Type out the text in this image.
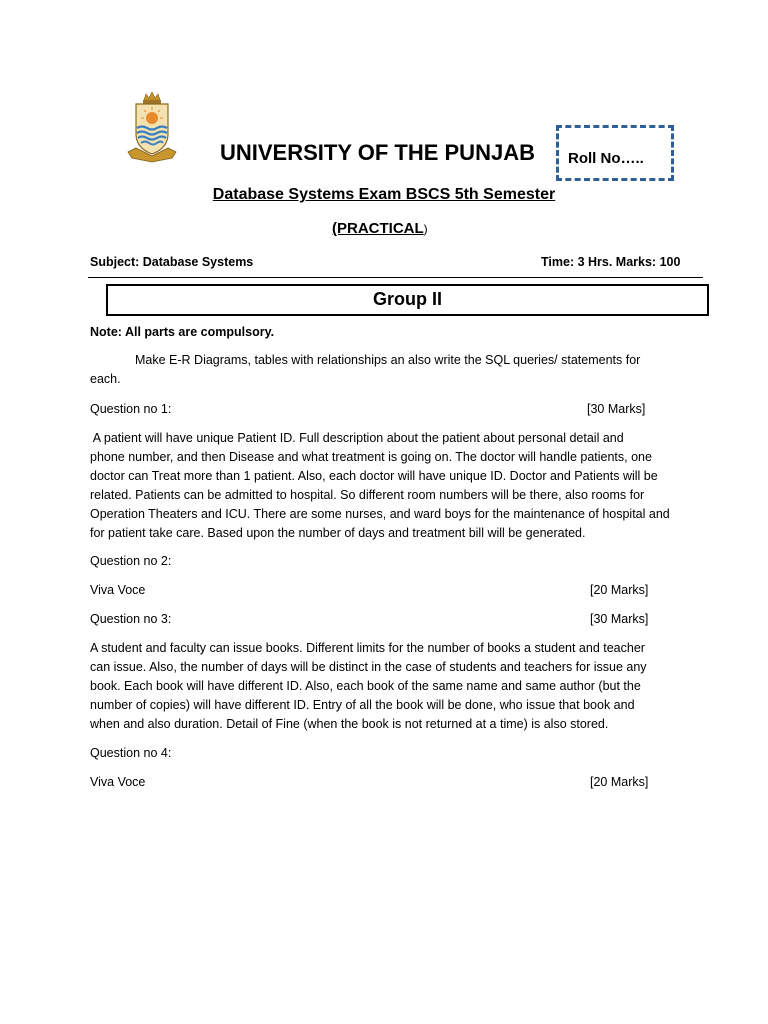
UNIVERSITY OF THE PUNJAB Roll No…..
Database Systems Exam BSCS 5th Semester
(PRACTICAL)
Subject: Database Systems	Time: 3 Hrs. Marks: 100
Group II
Note: All parts are compulsory.
Make E-R Diagrams, tables with relationships an also write the SQL queries/ statements for
each.
Question no 1:	[30 Marks]
A patient will have unique Patient ID. Full description about the patient about personal detail and
phone number, and then Disease and what treatment is going on. The doctor will handle patients, one
doctor can Treat more than 1 patient. Also, each doctor will have unique ID. Doctor and Patients will be
related. Patients can be admitted to hospital. So different room numbers will be there, also rooms for
Operation Theaters and ICU. There are some nurses, and ward boys for the maintenance of hospital and
for patient take care. Based upon the number of days and treatment bill will be generated.
Question no 2:
Viva Voce	[20 Marks]
Question no 3:	[30 Marks]
A student and faculty can issue books. Different limits for the number of books a student and teacher
can issue. Also, the number of days will be distinct in the case of students and teachers for issue any
book. Each book will have different ID. Also, each book of the same name and same author (but the
number of copies) will have different ID. Entry of all the book will be done, who issue that book and
when and also duration. Detail of Fine (when the book is not returned at a time) is also stored.
Question no 4:
Viva Voce	[20 Marks]
